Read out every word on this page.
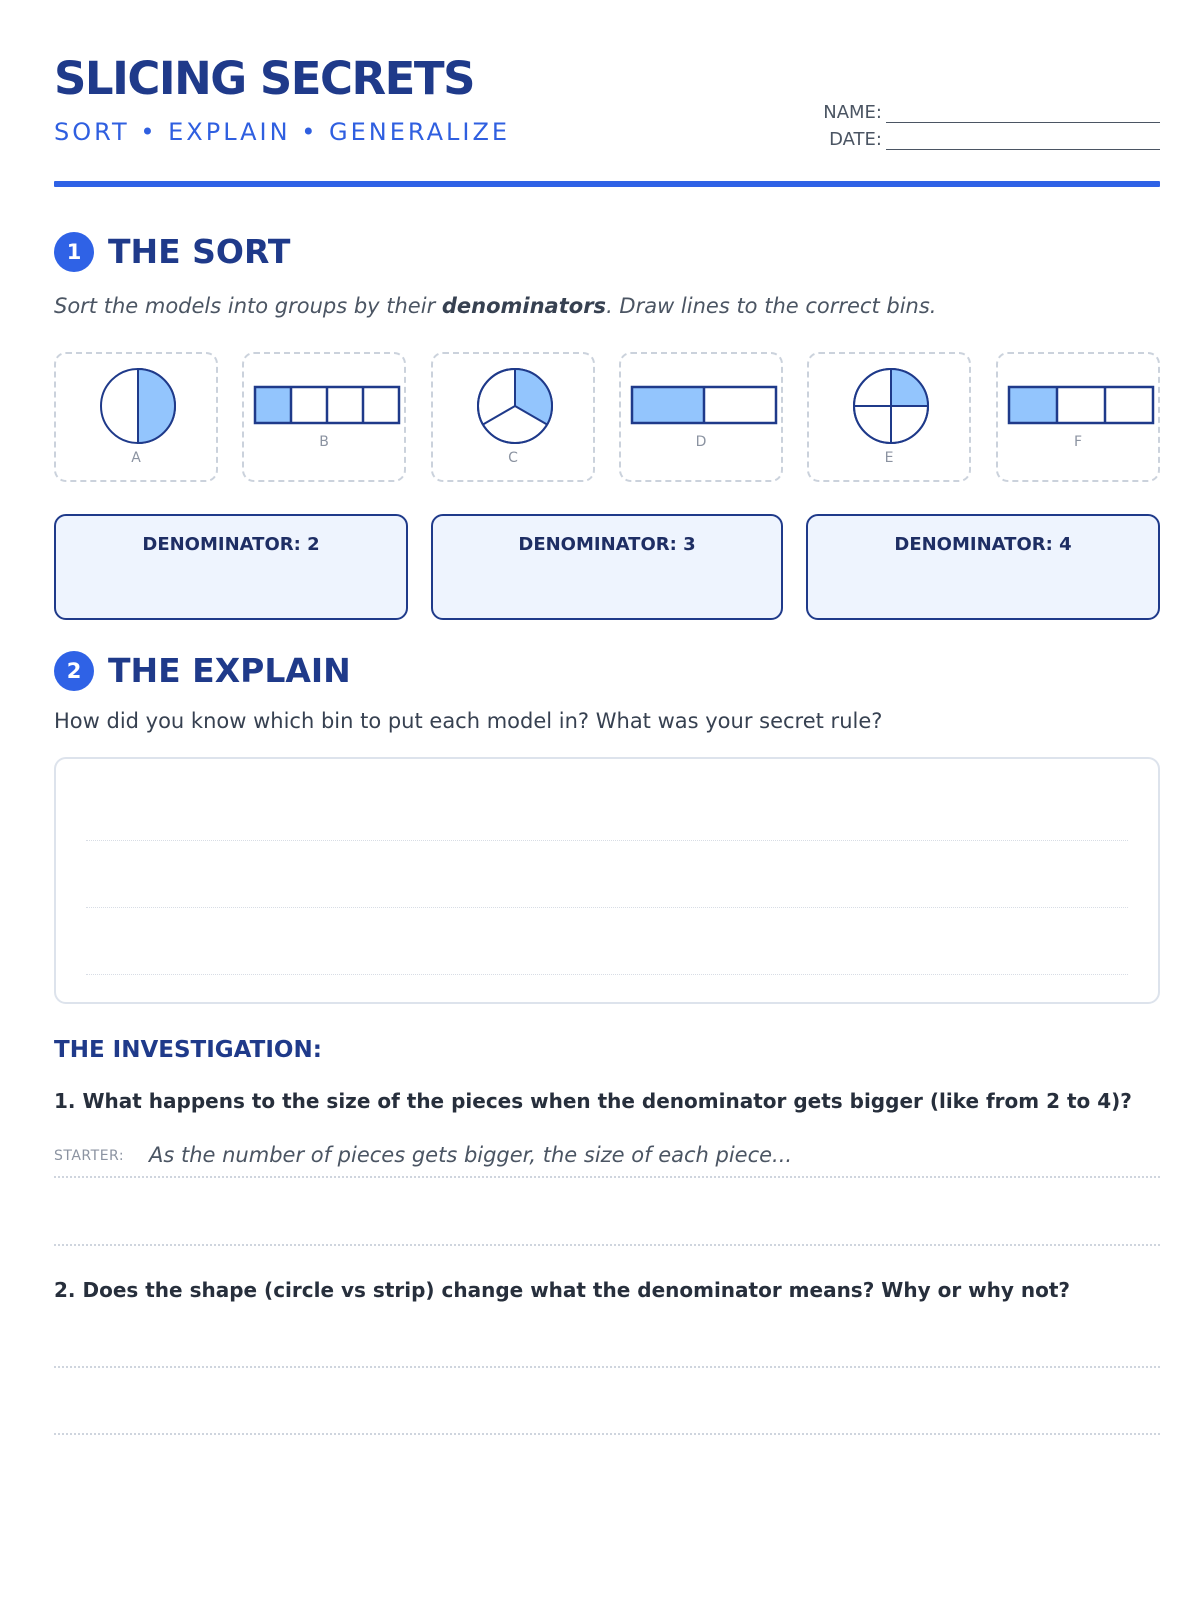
SLICING SECRETS
SORT • EXPLAIN • GENERALIZE
NAME:
DATE:
1 THE SORT
Sort the models into groups by their denominators. Draw lines to the correct bins.
A
B
C
D
E
F
DENOMINATOR: 2	DENOMINATOR: 3	DENOMINATOR: 4
2 THE EXPLAIN
How did you know which bin to put each model in? What was your secret rule?
THE INVESTIGATION:
1. What happens to the size of the pieces when the denominator gets bigger (like from 2 to 4)?
STARTER: As the number of pieces gets bigger, the size of each piece...
2. Does the shape (circle vs strip) change what the denominator means? Why or why not?
